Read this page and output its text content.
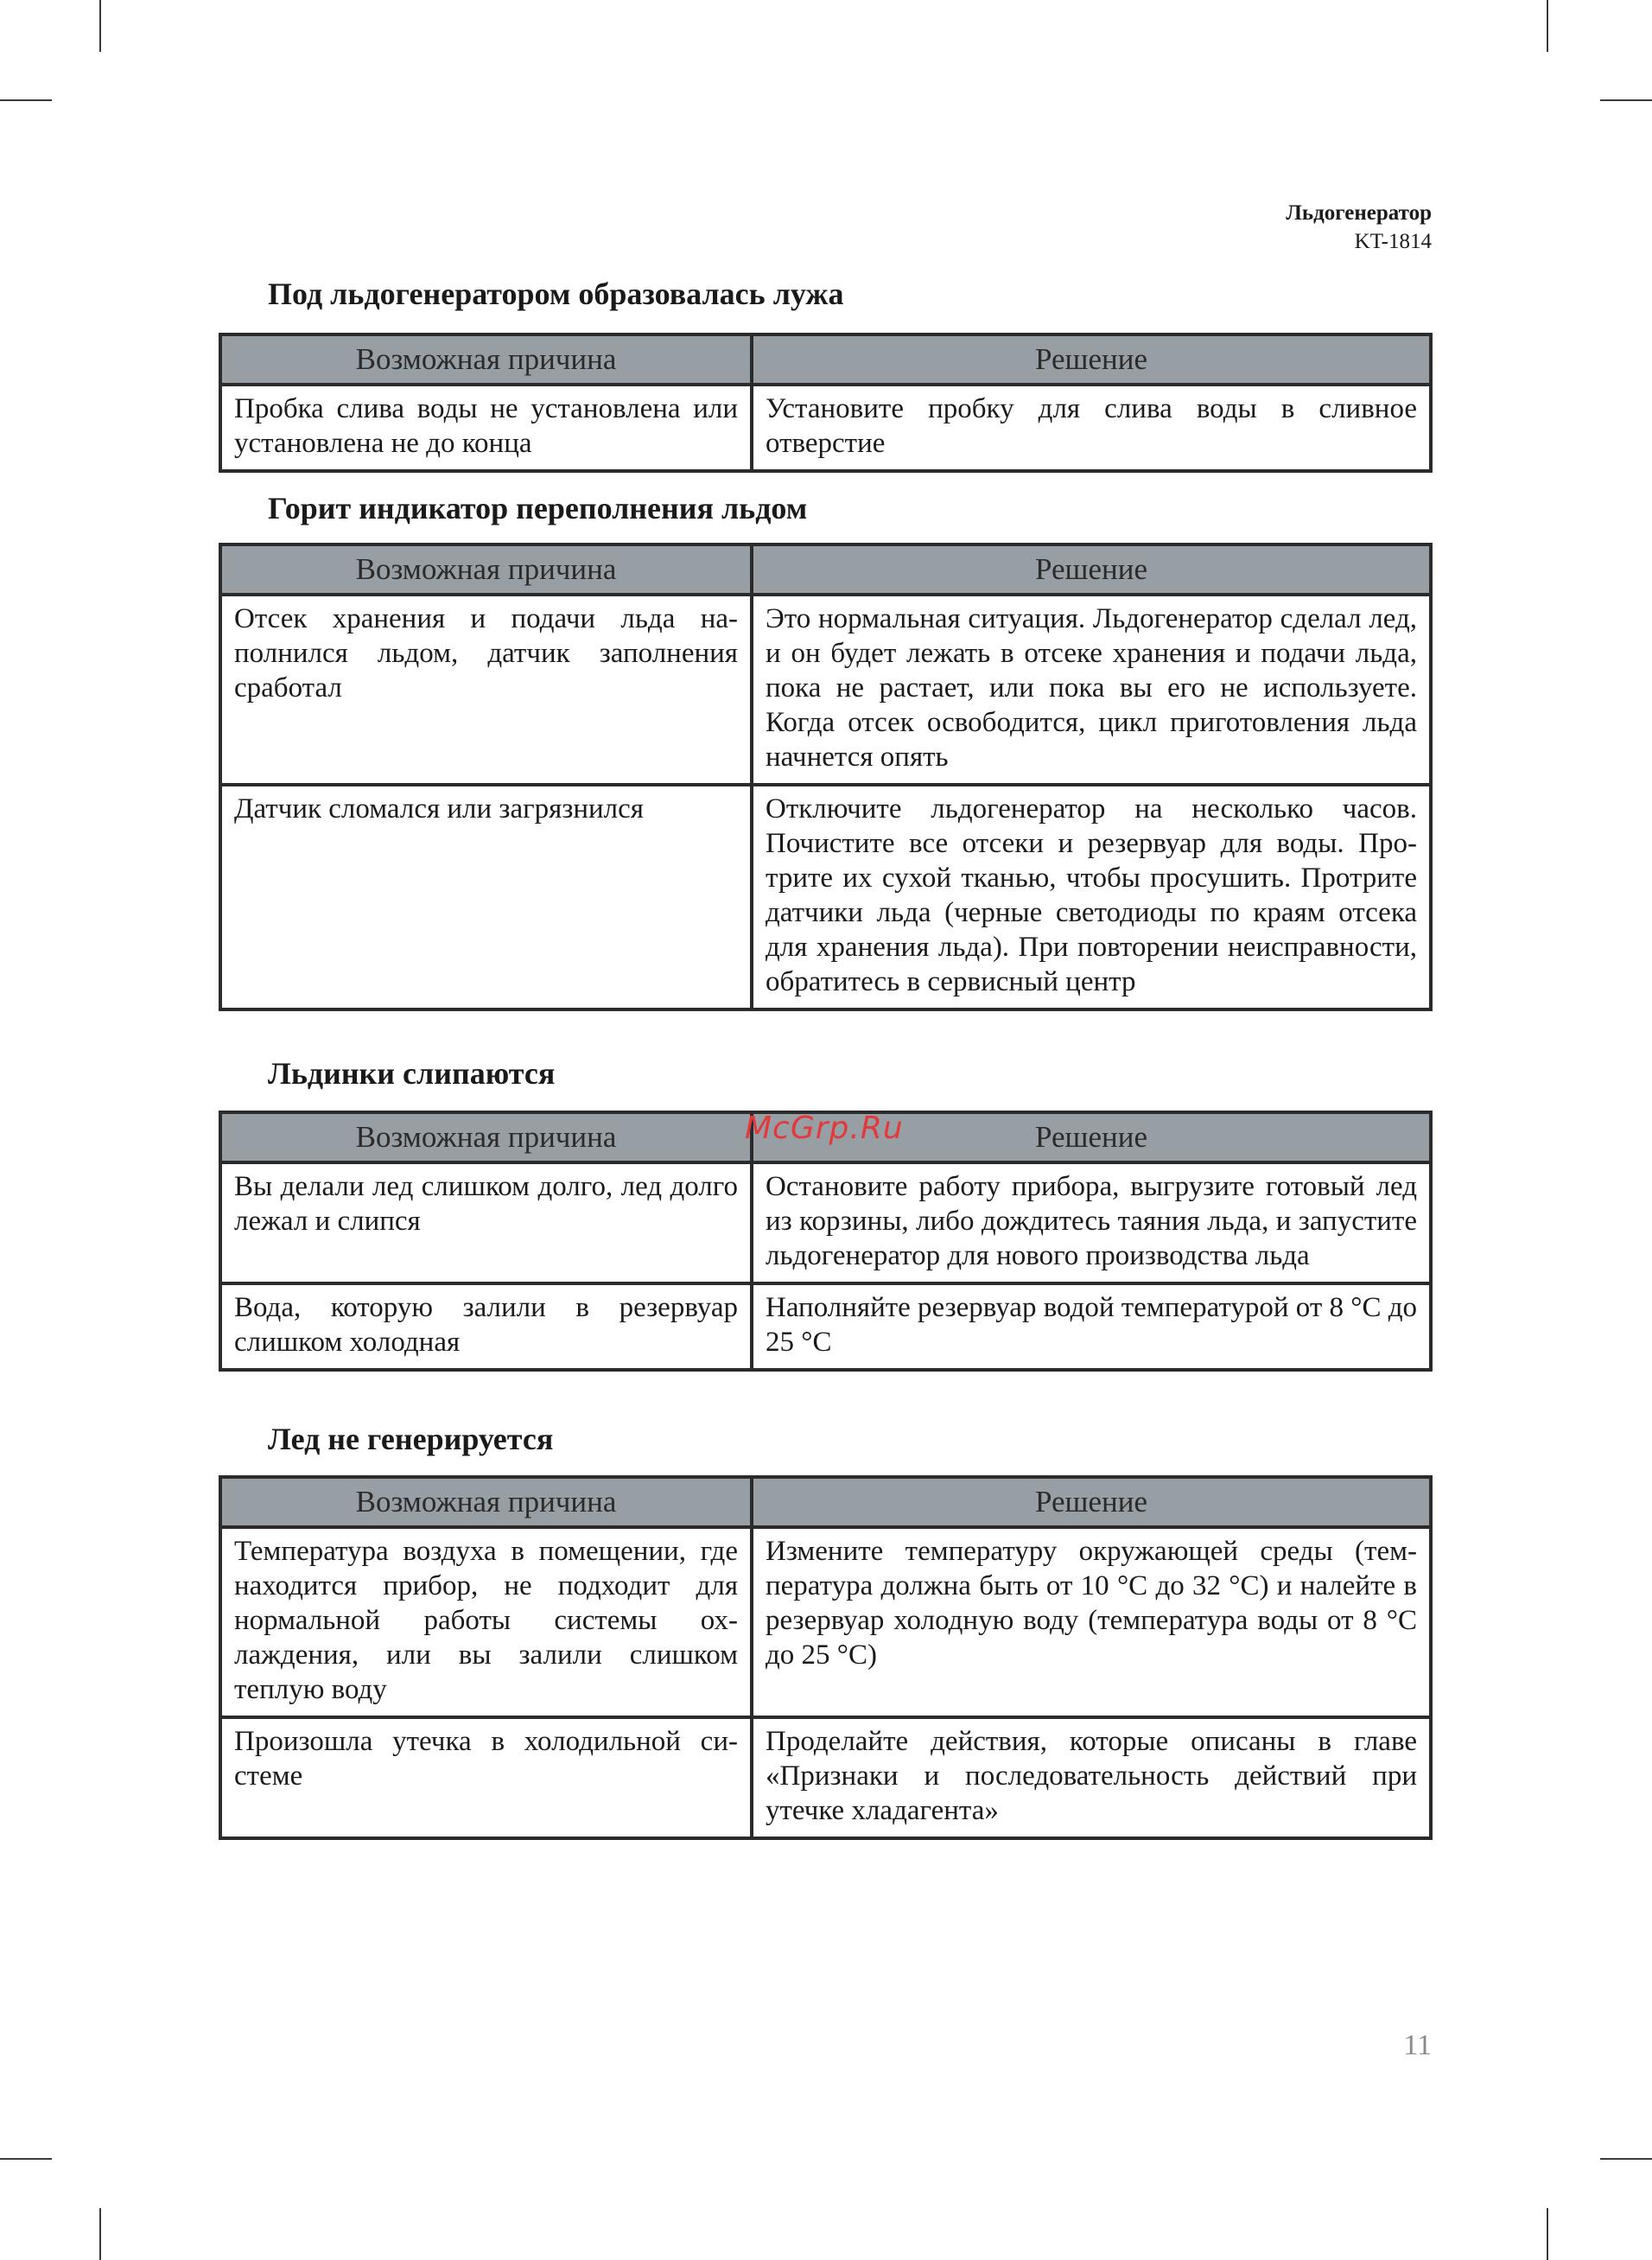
Льдогенератор
KT-1814
Под льдогенератором образовалась лужа
Возможная причина	Решение
Пробка слива воды не установлена или установлена не до конца	Установите пробку для слива воды в сливное отверстие
Горит индикатор переполнения льдом
Возможная причина	Решение
Отсек хранения и подачи льда наполнился льдом, датчик заполнения сработал	Это нормальная ситуация. Льдогенератор сделал лед, и он будет лежать в отсеке хранения и подачи льда, пока не растает, или пока вы его не используете. Когда отсек освободится, цикл приготовления льда начнется опять
Датчик сломался или загрязнился	Отключите льдогенератор на несколько часов. Почистите все отсеки и резервуар для воды. Протрите их сухой тканью, чтобы просушить. Протрите датчики льда (черные светодиоды по краям отсека для хранения льда). При повторении неисправности, обратитесь в сервисный центр
Льдинки слипаются
Возможная причина	Решение
Вы делали лед слишком долго, лед долго лежал и слипся	Остановите работу прибора, выгрузите готовый лед из корзины, либо дождитесь таяния льда, и запустите льдогенератор для нового производства льда
Вода, которую залили в резервуар слишком холодная	Наполняйте резервуар водой температурой от 8 °C до 25 °C
Лед не генерируется
Возможная причина	Решение
Температура воздуха в помещении, где находится прибор, не подходит для нормальной работы системы охлаждения, или вы залили слишком теплую воду	Измените температуру окружающей среды (температура должна быть от 10 °C до 32 °C) и налейте в резервуар холодную воду (температура воды от 8 °C до 25 °C)
Произошла утечка в холодильной системе	Проделайте действия, которые описаны в главе «Признаки и последовательность действий при утечке хладагента»
McGrp.Ru
11
